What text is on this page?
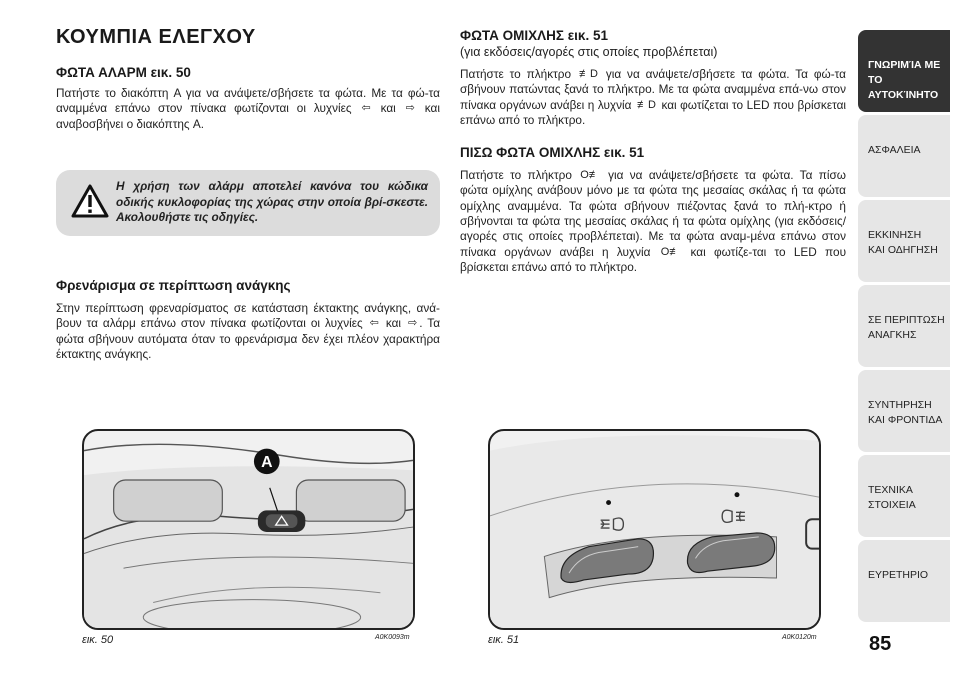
ΚΟΥΜΠΙΑ ΕΛΕΓΧΟΥ
ΦΩΤΑ ΑΛΑΡΜ εικ. 50

Πατήστε το διακόπτη A για να ανάψετε/σβήσετε τα φώτα. Με τα φώ-τα αναμμένα επάνω στον πίνακα φωτίζονται οι λυχνίες ⇦ και ⇨ και αναβοσβήνει ο διακόπτης A.

Η χρήση των αλάρμ αποτελεί κανόνα του κώδικα οδικής κυκλοφορίας της χώρας στην οποία βρί-σκεστε. Ακολουθήστε τις οδηγίες.
Φρενάρισμα σε περίπτωση ανάγκης

Στην περίπτωση φρεναρίσματος σε κατάσταση έκτακτης ανάγκης, ανά-βουν τα αλάρμ επάνω στον πίνακα φωτίζονται οι λυχνίες ⇦ και ⇨ . Τα φώτα σβήνουν αυτόματα όταν το φρενάρισμα δεν έχει πλέον χαρακτήρα έκτακτης ανάγκης.

ΦΩΤΑ ΟΜΙΧΛΗΣ εικ. 51
(για εκδόσεις/αγορές στις οποίες προβλέπεται)

Πατήστε το πλήκτρο ≢D για να ανάψετε/σβήσετε τα φώτα. Τα φώ-τα σβήνουν πατώντας ξανά το πλήκτρο. Με τα φώτα αναμμένα επά-νω στον πίνακα οργάνων ανάβει η λυχνία ≢D και φωτίζεται το LED που βρίσκεται επάνω από το πλήκτρο.

ΠΙΣΩ ΦΩΤΑ ΟΜΙΧΛΗΣ εικ. 51

Πατήστε το πλήκτρο O≢ για να ανάψετε/σβήσετε τα φώτα. Τα πίσω φώτα ομίχλης ανάβουν μόνο με τα φώτα της μεσαίας σκάλας ή τα φώτα ομίχλης αναμμένα. Τα φώτα σβήνουν πιέζοντας ξανά το πλή-κτρο ή σβήνονται τα φώτα της μεσαίας σκάλας ή τα φώτα ομίχλης (για εκδόσεις/αγορές στις οποίες προβλέπεται). Με τα φώτα αναμ-μένα επάνω στον πίνακα οργάνων ανάβει η λυχνία O≢ και φωτίζε-ται το LED που βρίσκεται επάνω από το πλήκτρο.

A
εικ. 50	A0K0093m	εικ. 51	A0K0120m	85
ΓΝΩΡΙΜΊΑ ΜΕ ΤΟ
ΑΥΤΟΚΊΝΗΤΟ
ΑΣΦΑΛΕΙΑ
ΕΚΚΙΝΗΣΗ
ΚΑΙ ΟΔΗΓΗΣΗ
ΣΕ ΠΕΡΙΠΤΩΣΗ
ΑΝΑΓΚΗΣ
ΣΥΝΤΗΡΗΣΗ
ΚΑΙ ΦΡΟΝΤΙΔΑ
ΤΕΧΝΙΚΑ
ΣΤΟΙΧΕΙΑ
ΕΥΡΕΤΗΡΙΟ
